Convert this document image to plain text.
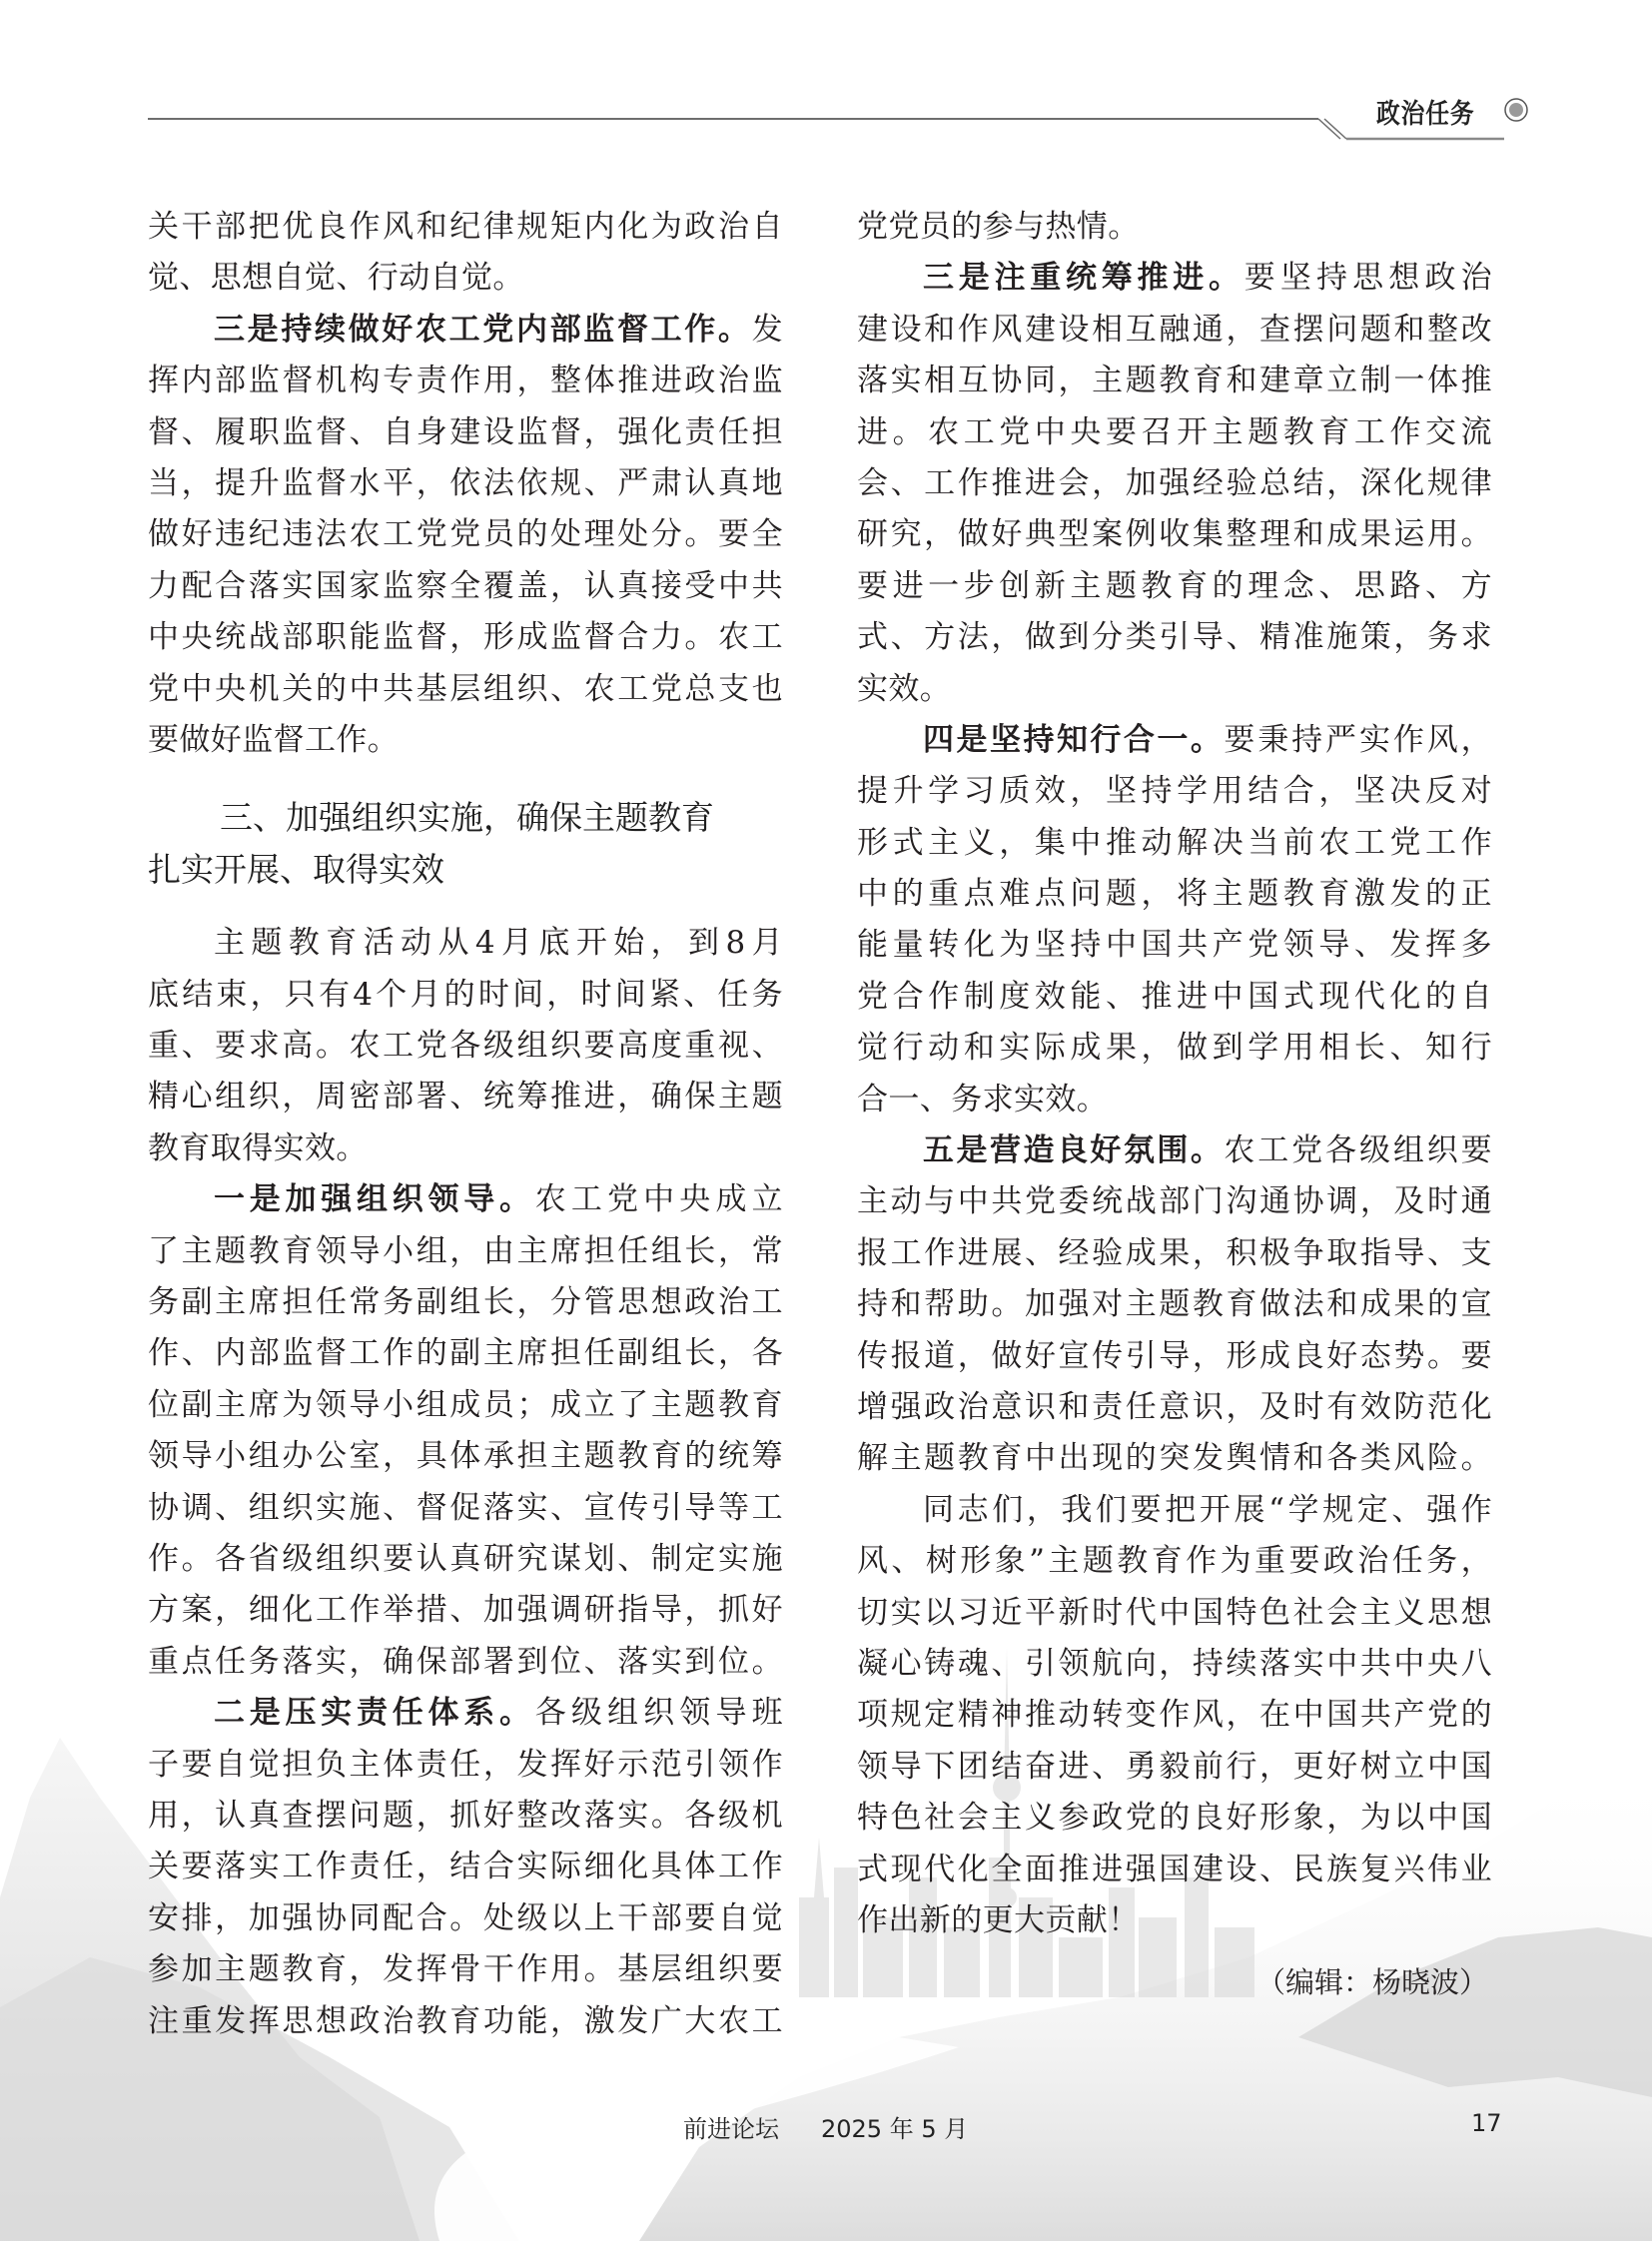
政治任务
关干部把优良作风和纪律规矩内化为政治自
觉、思想自觉、行动自觉。
三是持续做好农工党内部监督工作。发
挥内部监督机构专责作用，整体推进政治监
督、履职监督、自身建设监督，强化责任担
当，提升监督水平，依法依规、严肃认真地
做好违纪违法农工党党员的处理处分。要全
力配合落实国家监察全覆盖，认真接受中共
中央统战部职能监督，形成监督合力。农工
党中央机关的中共基层组织、农工党总支也
要做好监督工作。
三、加强组织实施，确保主题教育
扎实开展、取得实效
主题教育活动从4月底开始，到8月
底结束，只有4个月的时间，时间紧、任务
重、要求高。农工党各级组织要高度重视、
精心组织，周密部署、统筹推进，确保主题
教育取得实效。
一是加强组织领导。农工党中央成立
了主题教育领导小组，由主席担任组长，常
务副主席担任常务副组长，分管思想政治工
作、内部监督工作的副主席担任副组长，各
位副主席为领导小组成员；成立了主题教育
领导小组办公室，具体承担主题教育的统筹
协调、组织实施、督促落实、宣传引导等工
作。各省级组织要认真研究谋划、制定实施
方案，细化工作举措、加强调研指导，抓好
重点任务落实，确保部署到位、落实到位。
二是压实责任体系。各级组织领导班
子要自觉担负主体责任，发挥好示范引领作
用，认真查摆问题，抓好整改落实。各级机
关要落实工作责任，结合实际细化具体工作
安排，加强协同配合。处级以上干部要自觉
参加主题教育，发挥骨干作用。基层组织要
注重发挥思想政治教育功能，激发广大农工
党党员的参与热情。
三是注重统筹推进。要坚持思想政治
建设和作风建设相互融通，查摆问题和整改
落实相互协同，主题教育和建章立制一体推
进。农工党中央要召开主题教育工作交流
会、工作推进会，加强经验总结，深化规律
研究，做好典型案例收集整理和成果运用。
要进一步创新主题教育的理念、思路、方
式、方法，做到分类引导、精准施策，务求
实效。
四是坚持知行合一。要秉持严实作风，
提升学习质效，坚持学用结合，坚决反对
形式主义，集中推动解决当前农工党工作
中的重点难点问题，将主题教育激发的正
能量转化为坚持中国共产党领导、发挥多
党合作制度效能、推进中国式现代化的自
觉行动和实际成果，做到学用相长、知行
合一、务求实效。
五是营造良好氛围。农工党各级组织要
主动与中共党委统战部门沟通协调，及时通
报工作进展、经验成果，积极争取指导、支
持和帮助。加强对主题教育做法和成果的宣
传报道，做好宣传引导，形成良好态势。要
增强政治意识和责任意识，及时有效防范化
解主题教育中出现的突发舆情和各类风险。
同志们，我们要把开展“学规定、强作
风、树形象”主题教育作为重要政治任务，
切实以习近平新时代中国特色社会主义思想
凝心铸魂、引领航向，持续落实中共中央八
项规定精神推动转变作风，在中国共产党的
领导下团结奋进、勇毅前行，更好树立中国
特色社会主义参政党的良好形象，为以中国
式现代化全面推进强国建设、民族复兴伟业
作出新的更大贡献！
（编辑：杨晓波）
前进论坛 2025 年 5 月	17
